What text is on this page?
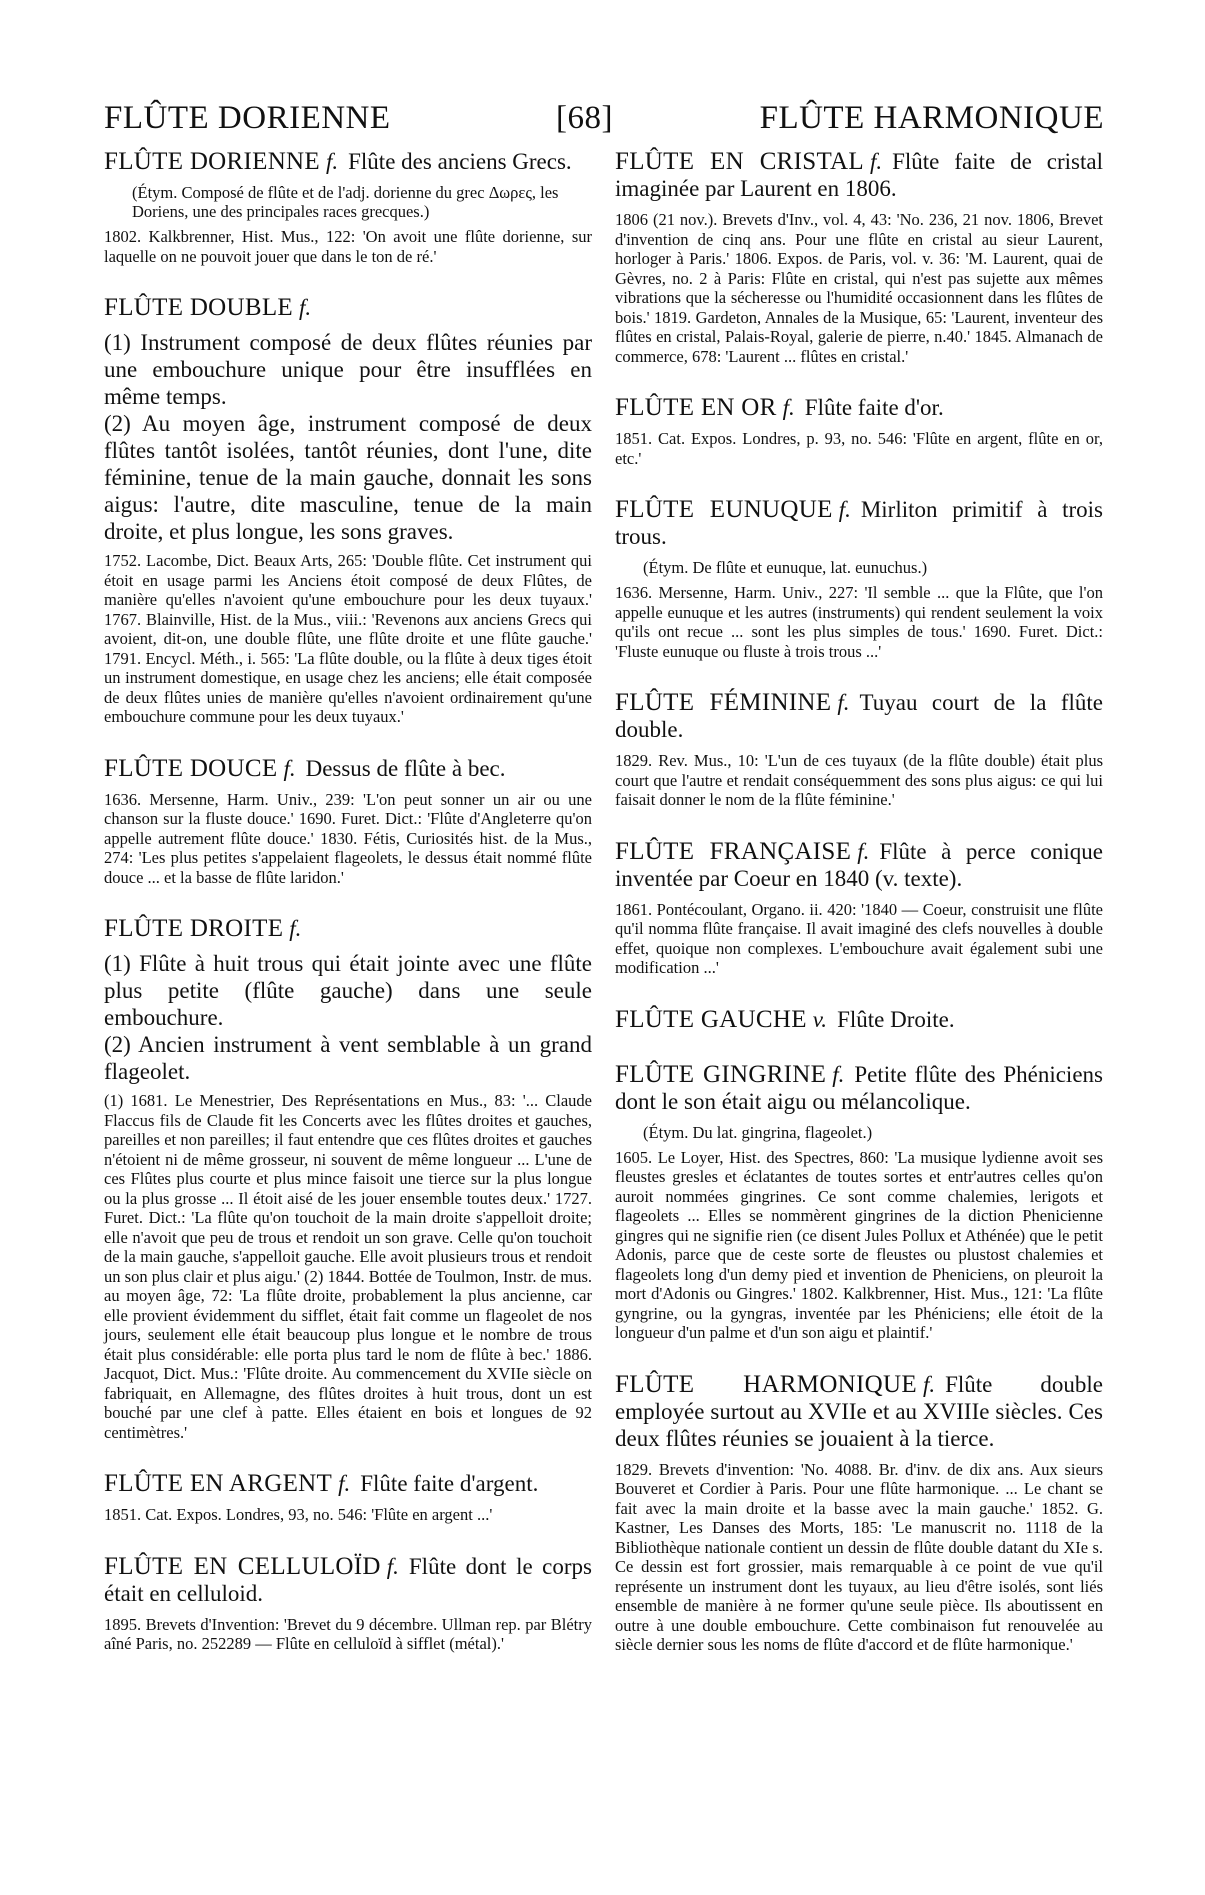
FLÛTE DORIENNE	[68]	FLÛTE HARMONIQUE

FLÛTE DORIENNE f. Flûte des anciens Grecs.

(Étym. Composé de flûte et de l'adj. dorienne du grec Δωρες, les Doriens, une des principales races grecques.)

1802. Kalkbrenner, Hist. Mus., 122: 'On avoit une flûte dorienne, sur laquelle on ne pouvoit jouer que dans le ton de ré.'

FLÛTE DOUBLE f.

(1) Instrument composé de deux flûtes réunies par une embouchure unique pour être insufflées en même temps.

(2) Au moyen âge, instrument composé de deux flûtes tantôt isolées, tantôt réunies, dont l'une, dite féminine, tenue de la main gauche, donnait les sons aigus: l'autre, dite masculine, tenue de la main droite, et plus longue, les sons graves.

1752. Lacombe, Dict. Beaux Arts, 265: 'Double flûte. Cet instrument qui étoit en usage parmi les Anciens étoit composé de deux Flûtes, de manière qu'elles n'avoient qu'une embouchure pour les deux tuyaux.' 1767. Blainville, Hist. de la Mus., viii.: 'Revenons aux anciens Grecs qui avoient, dit-on, une double flûte, une flûte droite et une flûte gauche.' 1791. Encycl. Méth., i. 565: 'La flûte double, ou la flûte à deux tiges étoit un instrument domestique, en usage chez les anciens; elle était composée de deux flûtes unies de manière qu'elles n'avoient ordinairement qu'une embouchure commune pour les deux tuyaux.'

FLÛTE DOUCE f. Dessus de flûte à bec.

1636. Mersenne, Harm. Univ., 239: 'L'on peut sonner un air ou une chanson sur la fluste douce.' 1690. Furet. Dict.: 'Flûte d'Angleterre qu'on appelle autrement flûte douce.' 1830. Fétis, Curiosités hist. de la Mus., 274: 'Les plus petites s'appelaient flageolets, le dessus était nommé flûte douce ... et la basse de flûte laridon.'

FLÛTE DROITE f.

(1) Flûte à huit trous qui était jointe avec une flûte plus petite (flûte gauche) dans une seule embouchure.

(2) Ancien instrument à vent semblable à un grand flageolet.

(1) 1681. Le Menestrier, Des Représentations en Mus., 83: '... Claude Flaccus fils de Claude fit les Concerts avec les flûtes droites et gauches, pareilles et non pareilles; il faut entendre que ces flûtes droites et gauches n'étoient ni de même grosseur, ni souvent de même longueur ... L'une de ces Flûtes plus courte et plus mince faisoit une tierce sur la plus longue ou la plus grosse ... Il étoit aisé de les jouer ensemble toutes deux.' 1727. Furet. Dict.: 'La flûte qu'on touchoit de la main droite s'appelloit droite; elle n'avoit que peu de trous et rendoit un son grave. Celle qu'on touchoit de la main gauche, s'appelloit gauche. Elle avoit plusieurs trous et rendoit un son plus clair et plus aigu.' (2) 1844. Bottée de Toulmon, Instr. de mus. au moyen âge, 72: 'La flûte droite, probablement la plus ancienne, car elle provient évidemment du sifflet, était fait comme un flageolet de nos jours, seulement elle était beaucoup plus longue et le nombre de trous était plus considérable: elle porta plus tard le nom de flûte à bec.' 1886. Jacquot, Dict. Mus.: 'Flûte droite. Au commencement du XVIIe siècle on fabriquait, en Allemagne, des flûtes droites à huit trous, dont un est bouché par une clef à patte. Elles étaient en bois et longues de 92 centimètres.'

FLÛTE EN ARGENT f. Flûte faite d'argent.

1851. Cat. Expos. Londres, 93, no. 546: 'Flûte en argent ...'

FLÛTE EN CELLULOÏD f. Flûte dont le corps était en celluloid.

1895. Brevets d'Invention: 'Brevet du 9 décembre. Ullman rep. par Blétry aîné Paris, no. 252289 — Flûte en celluloïd à sifflet (métal).'

FLÛTE EN CRISTAL f. Flûte faite de cristal imaginée par Laurent en 1806.

1806 (21 nov.). Brevets d'Inv., vol. 4, 43: 'No. 236, 21 nov. 1806, Brevet d'invention de cinq ans. Pour une flûte en cristal au sieur Laurent, horloger à Paris.' 1806. Expos. de Paris, vol. v. 36: 'M. Laurent, quai de Gèvres, no. 2 à Paris: Flûte en cristal, qui n'est pas sujette aux mêmes vibrations que la sécheresse ou l'humidité occasionnent dans les flûtes de bois.' 1819. Gardeton, Annales de la Musique, 65: 'Laurent, inventeur des flûtes en cristal, Palais-Royal, galerie de pierre, n.40.' 1845. Almanach de commerce, 678: 'Laurent ... flûtes en cristal.'

FLÛTE EN OR f. Flûte faite d'or.

1851. Cat. Expos. Londres, p. 93, no. 546: 'Flûte en argent, flûte en or, etc.'

FLÛTE EUNUQUE f. Mirliton primitif à trois trous.

(Étym. De flûte et eunuque, lat. eunuchus.)

1636. Mersenne, Harm. Univ., 227: 'Il semble ... que la Flûte, que l'on appelle eunuque et les autres (instruments) qui rendent seulement la voix qu'ils ont recue ... sont les plus simples de tous.' 1690. Furet. Dict.: 'Fluste eunuque ou fluste à trois trous ...'

FLÛTE FÉMININE f. Tuyau court de la flûte double.

1829. Rev. Mus., 10: 'L'un de ces tuyaux (de la flûte double) était plus court que l'autre et rendait conséquemment des sons plus aigus: ce qui lui faisait donner le nom de la flûte féminine.'

FLÛTE FRANÇAISE f. Flûte à perce conique inventée par Coeur en 1840 (v. texte).

1861. Pontécoulant, Organo. ii. 420: '1840 — Coeur, construisit une flûte qu'il nomma flûte française. Il avait imaginé des clefs nouvelles à double effet, quoique non complexes. L'embouchure avait également subi une modification ...'

FLÛTE GAUCHE v. Flûte Droite.

FLÛTE GINGRINE f. Petite flûte des Phéniciens dont le son était aigu ou mélancolique.

(Étym. Du lat. gingrina, flageolet.)

1605. Le Loyer, Hist. des Spectres, 860: 'La musique lydienne avoit ses fleustes gresles et éclatantes de toutes sortes et entr'autres celles qu'on auroit nommées gingrines. Ce sont comme chalemies, lerigots et flageolets ... Elles se nommèrent gingrines de la diction Phenicienne gingres qui ne signifie rien (ce disent Jules Pollux et Athénée) que le petit Adonis, parce que de ceste sorte de fleustes ou plustost chalemies et flageolets long d'un demy pied et invention de Pheniciens, on pleuroit la mort d'Adonis ou Gingres.' 1802. Kalkbrenner, Hist. Mus., 121: 'La flûte gyngrine, ou la gyngras, inventée par les Phéniciens; elle étoit de la longueur d'un palme et d'un son aigu et plaintif.'

FLÛTE HARMONIQUE f. Flûte double employée surtout au XVIIe et au XVIIIe siècles. Ces deux flûtes réunies se jouaient à la tierce.

1829. Brevets d'invention: 'No. 4088. Br. d'inv. de dix ans. Aux sieurs Bouveret et Cordier à Paris. Pour une flûte harmonique. ... Le chant se fait avec la main droite et la basse avec la main gauche.' 1852. G. Kastner, Les Danses des Morts, 185: 'Le manuscrit no. 1118 de la Bibliothèque nationale contient un dessin de flûte double datant du XIe s. Ce dessin est fort grossier, mais remarquable à ce point de vue qu'il représente un instrument dont les tuyaux, au lieu d'être isolés, sont liés ensemble de manière à ne former qu'une seule pièce. Ils aboutissent en outre à une double embouchure. Cette combinaison fut renouvelée au siècle dernier sous les noms de flûte d'accord et de flûte harmonique.'
